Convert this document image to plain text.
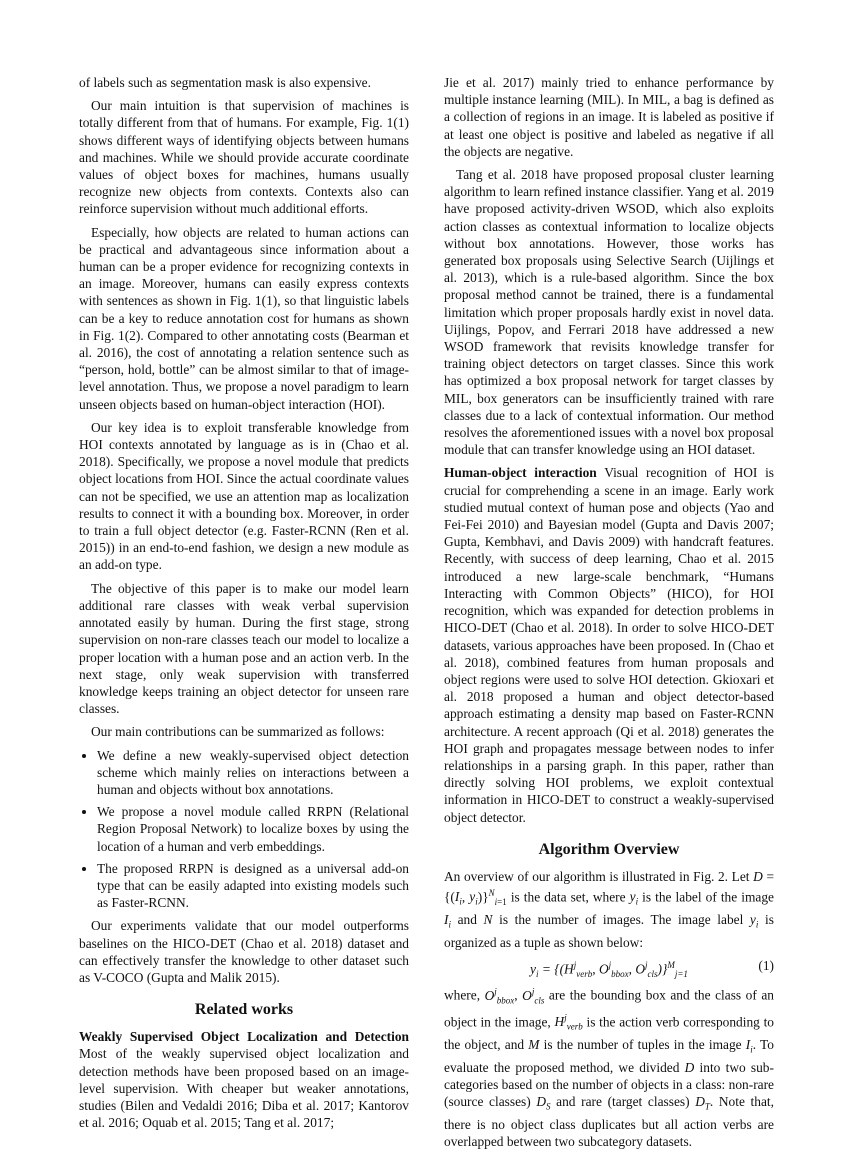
of labels such as segmentation mask is also expensive.

Our main intuition is that supervision of machines is totally different from that of humans. For example, Fig. 1(1) shows different ways of identifying objects between humans and machines. While we should provide accurate coordinate values of object boxes for machines, humans usually recognize new objects from contexts. Contexts also can reinforce supervision without much additional efforts.

Especially, how objects are related to human actions can be practical and advantageous since information about a human can be a proper evidence for recognizing contexts in an image. Moreover, humans can easily express contexts with sentences as shown in Fig. 1(1), so that linguistic labels can be a key to reduce annotation cost for humans as shown in Fig. 1(2). Compared to other annotating costs (Bearman et al. 2016), the cost of annotating a relation sentence such as “person, hold, bottle” can be almost similar to that of image-level annotation. Thus, we propose a novel paradigm to learn unseen objects based on human-object interaction (HOI).

Our key idea is to exploit transferable knowledge from HOI contexts annotated by language as is in (Chao et al. 2018). Specifically, we propose a novel module that predicts object locations from HOI. Since the actual coordinate values can not be specified, we use an attention map as localization results to connect it with a bounding box. Moreover, in order to train a full object detector (e.g. Faster-RCNN (Ren et al. 2015)) in an end-to-end fashion, we design a new module as an add-on type.

The objective of this paper is to make our model learn additional rare classes with weak verbal supervision annotated easily by human. During the first stage, strong supervision on non-rare classes teach our model to localize a proper location with a human pose and an action verb. In the next stage, only weak supervision with transferred knowledge keeps training an object detector for unseen rare classes.

Our main contributions can be summarized as follows:

• We define a new weakly-supervised object detection scheme which mainly relies on interactions between a human and objects without box annotations.
• We propose a novel module called RRPN (Relational Region Proposal Network) to localize boxes by using the location of a human and verb embeddings.
• The proposed RRPN is designed as a universal add-on type that can be easily adapted into existing models such as Faster-RCNN.

Our experiments validate that our model outperforms baselines on the HICO-DET (Chao et al. 2018) dataset and can effectively transfer the knowledge to other dataset such as V-COCO (Gupta and Malik 2015).

Related works

Weakly Supervised Object Localization and Detection Most of the weakly supervised object localization and detection methods have been proposed based on an image-level supervision. With cheaper but weaker annotations, studies (Bilen and Vedaldi 2016; Diba et al. 2017; Kantorov et al. 2016; Oquab et al. 2015; Tang et al. 2017;

Jie et al. 2017) mainly tried to enhance performance by multiple instance learning (MIL). In MIL, a bag is defined as a collection of regions in an image. It is labeled as positive if at least one object is positive and labeled as negative if all the objects are negative.

Tang et al. 2018 have proposed proposal cluster learning algorithm to learn refined instance classifier. Yang et al. 2019 have proposed activity-driven WSOD, which also exploits action classes as contextual information to localize objects without box annotations. However, those works has generated box proposals using Selective Search (Uijlings et al. 2013), which is a rule-based algorithm. Since the box proposal method cannot be trained, there is a fundamental limitation which proper proposals hardly exist in novel data. Uijlings, Popov, and Ferrari 2018 have addressed a new WSOD framework that revisits knowledge transfer for training object detectors on target classes. Since this work has optimized a box proposal network for target classes by MIL, box generators can be insufficiently trained with rare classes due to a lack of contextual information. Our method resolves the aforementioned issues with a novel box proposal module that can transfer knowledge using an HOI dataset.

Human-object interaction Visual recognition of HOI is crucial for comprehending a scene in an image. Early work studied mutual context of human pose and objects (Yao and Fei-Fei 2010) and Bayesian model (Gupta and Davis 2007; Gupta, Kembhavi, and Davis 2009) with handcraft features. Recently, with success of deep learning, Chao et al. 2015 introduced a new large-scale benchmark, “Humans Interacting with Common Objects” (HICO), for HOI recognition, which was expanded for detection problems in HICO-DET (Chao et al. 2018). In order to solve HICO-DET datasets, various approaches have been proposed. In (Chao et al. 2018), combined features from human proposals and object regions were used to solve HOI detection. Gkioxari et al. 2018 proposed a human and object detector-based approach estimating a density map based on Faster-RCNN architecture. A recent approach (Qi et al. 2018) generates the HOI graph and propagates message between nodes to infer relationships in a parsing graph. In this paper, rather than directly solving HOI problems, we exploit contextual information in HICO-DET to construct a weakly-supervised object detector.

Algorithm Overview

An overview of our algorithm is illustrated in Fig. 2. Let $D = \{(I_i$, $y_i)\}^N_{i=1}$ is the data set, where $y_i$ is the label of the image $I_i$ and N is the number of images. The image label $y_i$ is organized as a tuple as shown below:

$y_i = \{(H^j_{verb}$, $O^j_{bbox}$, $O^j_{cls})\}^M_{j=1}$
(1)

where, $O^j_{bbox}$, $O^j_{cls}$ are the bounding box and the class of an object in the image, $H^j_{verb}$ is the action verb corresponding to the object, and M is the number of tuples in the image $I_i$. To evaluate the proposed method, we divided D into two sub-categories based on the number of objects in a class: non-rare (source classes) $D_S$ and rare (target classes) $D_T$. Note that, there is no object class duplicates but all action verbs are overlapped between two subcategory datasets.
